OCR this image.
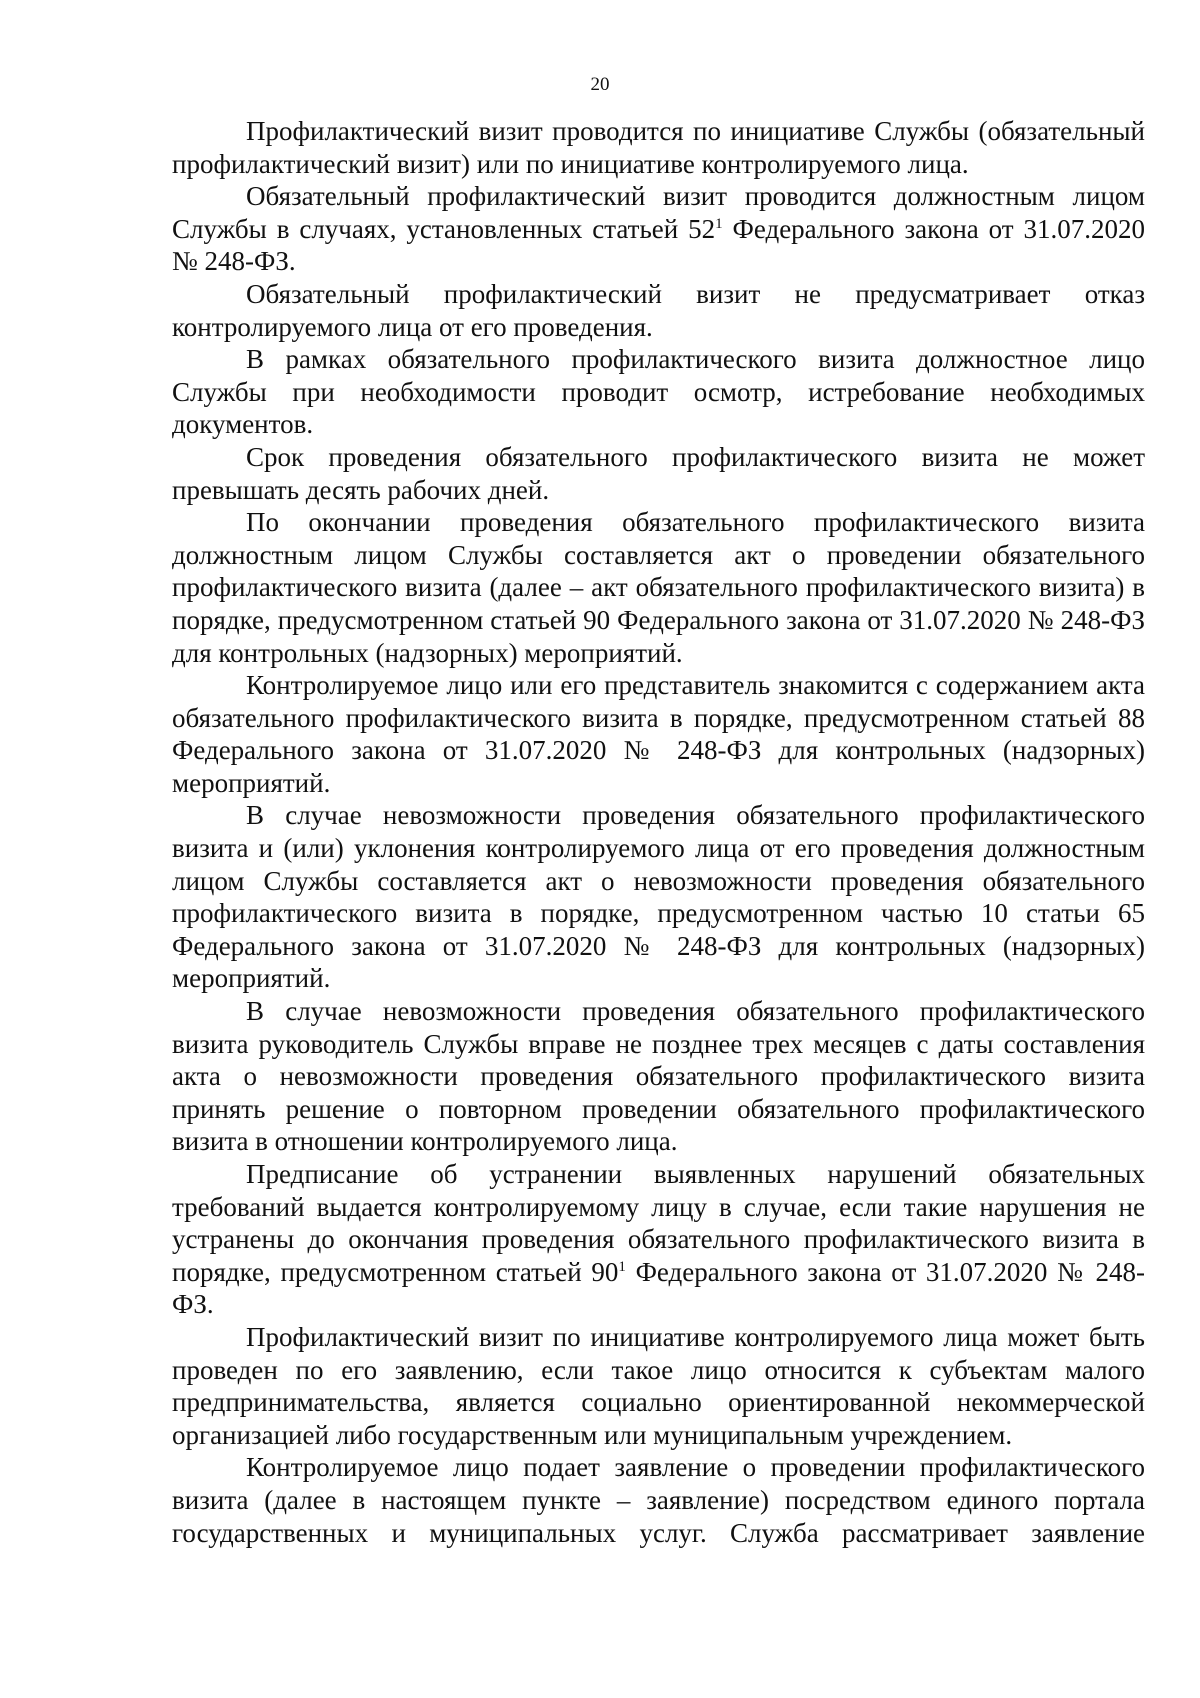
20

Профилактический визит проводится по инициативе Службы (обязательный профилактический визит) или по инициативе контролируемого лица.

Обязательный профилактический визит проводится должностным лицом Службы в случаях, установленных статьей $52^1$ Федерального закона от 31.07.2020 № 248-ФЗ.

Обязательный профилактический визит не предусматривает отказ контролируемого лица от его проведения.

В рамках обязательного профилактического визита должностное лицо Службы при необходимости проводит осмотр, истребование необходимых документов.

Срок проведения обязательного профилактического визита не может превышать десять рабочих дней.

По окончании проведения обязательного профилактического визита должностным лицом Службы составляется акт о проведении обязательного профилактического визита (далее – акт обязательного профилактического визита) в порядке, предусмотренном статьей 90 Федерального закона от 31.07.2020 № 248-ФЗ для контрольных (надзорных) мероприятий.

Контролируемое лицо или его представитель знакомится с содержанием акта обязательного профилактического визита в порядке, предусмотренном статьей 88 Федерального закона от 31.07.2020 № 248-ФЗ для контрольных (надзорных) мероприятий.

В случае невозможности проведения обязательного профилактического визита и (или) уклонения контролируемого лица от его проведения должностным лицом Службы составляется акт о невозможности проведения обязательного профилактического визита в порядке, предусмотренном частью 10 статьи 65 Федерального закона от 31.07.2020 № 248-ФЗ для контрольных (надзорных) мероприятий.

В случае невозможности проведения обязательного профилактического визита руководитель Службы вправе не позднее трех месяцев с даты составления акта о невозможности проведения обязательного профилактического визита принять решение о повторном проведении обязательного профилактического визита в отношении контролируемого лица.

Предписание об устранении выявленных нарушений обязательных требований выдается контролируемому лицу в случае, если такие нарушения не устранены до окончания проведения обязательного профилактического визита в порядке, предусмотренном статьей $90^1$ Федерального закона от 31.07.2020 № 248-ФЗ.

Профилактический визит по инициативе контролируемого лица может быть проведен по его заявлению, если такое лицо относится к субъектам малого предпринимательства, является социально ориентированной некоммерческой организацией либо государственным или муниципальным учреждением.

Контролируемое лицо подает заявление о проведении профилактического визита (далее в настоящем пункте – заявление) посредством единого портала государственных и муниципальных услуг. Служба рассматривает заявление
